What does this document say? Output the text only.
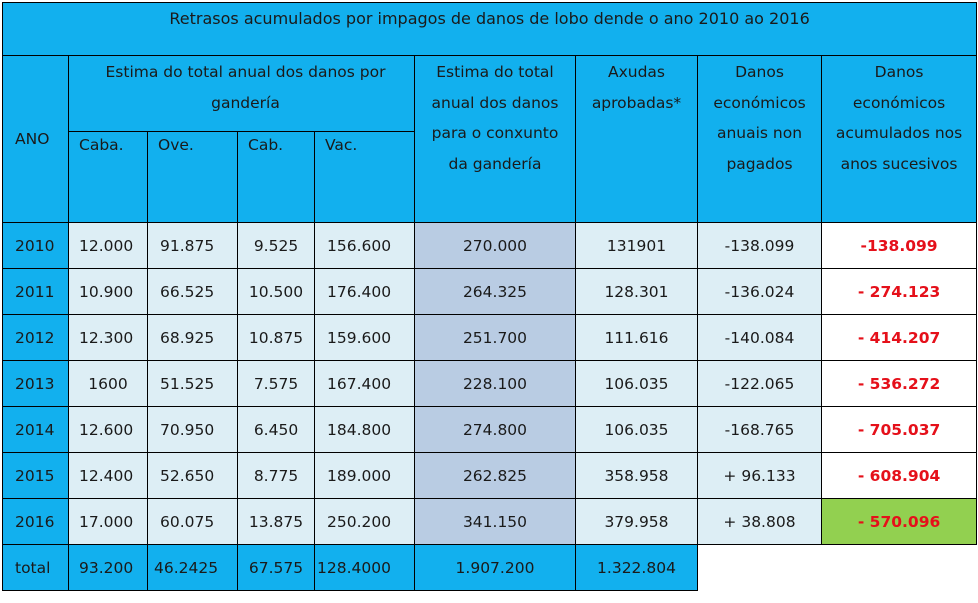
Retrasos acumulados por impagos de danos de lobo dende o ano 2010 ao 2016								
ANO	Estima do total anual dos danos por gandería				Estima do total anual dos danos para o conxunto da gandería	Axudas aprobadas*	Danos económicos anuais non pagados	Danos económicos acumulados nos anos sucesivos
	Caba.	Ove.	Cab.	Vac.				
2010	12.000	91.875	9.525	156.600	270.000	131901	-138.099	-138.099
2011	10.900	66.525	10.500	176.400	264.325	128.301	-136.024	- 274.123
2012	12.300	68.925	10.875	159.600	251.700	111.616	-140.084	- 414.207
2013	1600	51.525	7.575	167.400	228.100	106.035	-122.065	- 536.272
2014	12.600	70.950	6.450	184.800	274.800	106.035	-168.765	- 705.037
2015	12.400	52.650	8.775	189.000	262.825	358.958	+ 96.133	- 608.904
2016	17.000	60.075	13.875	250.200	341.150	379.958	+ 38.808	- 570.096
total	93.200	46.2425	67.575	128.4000	1.907.200	1.322.804		
